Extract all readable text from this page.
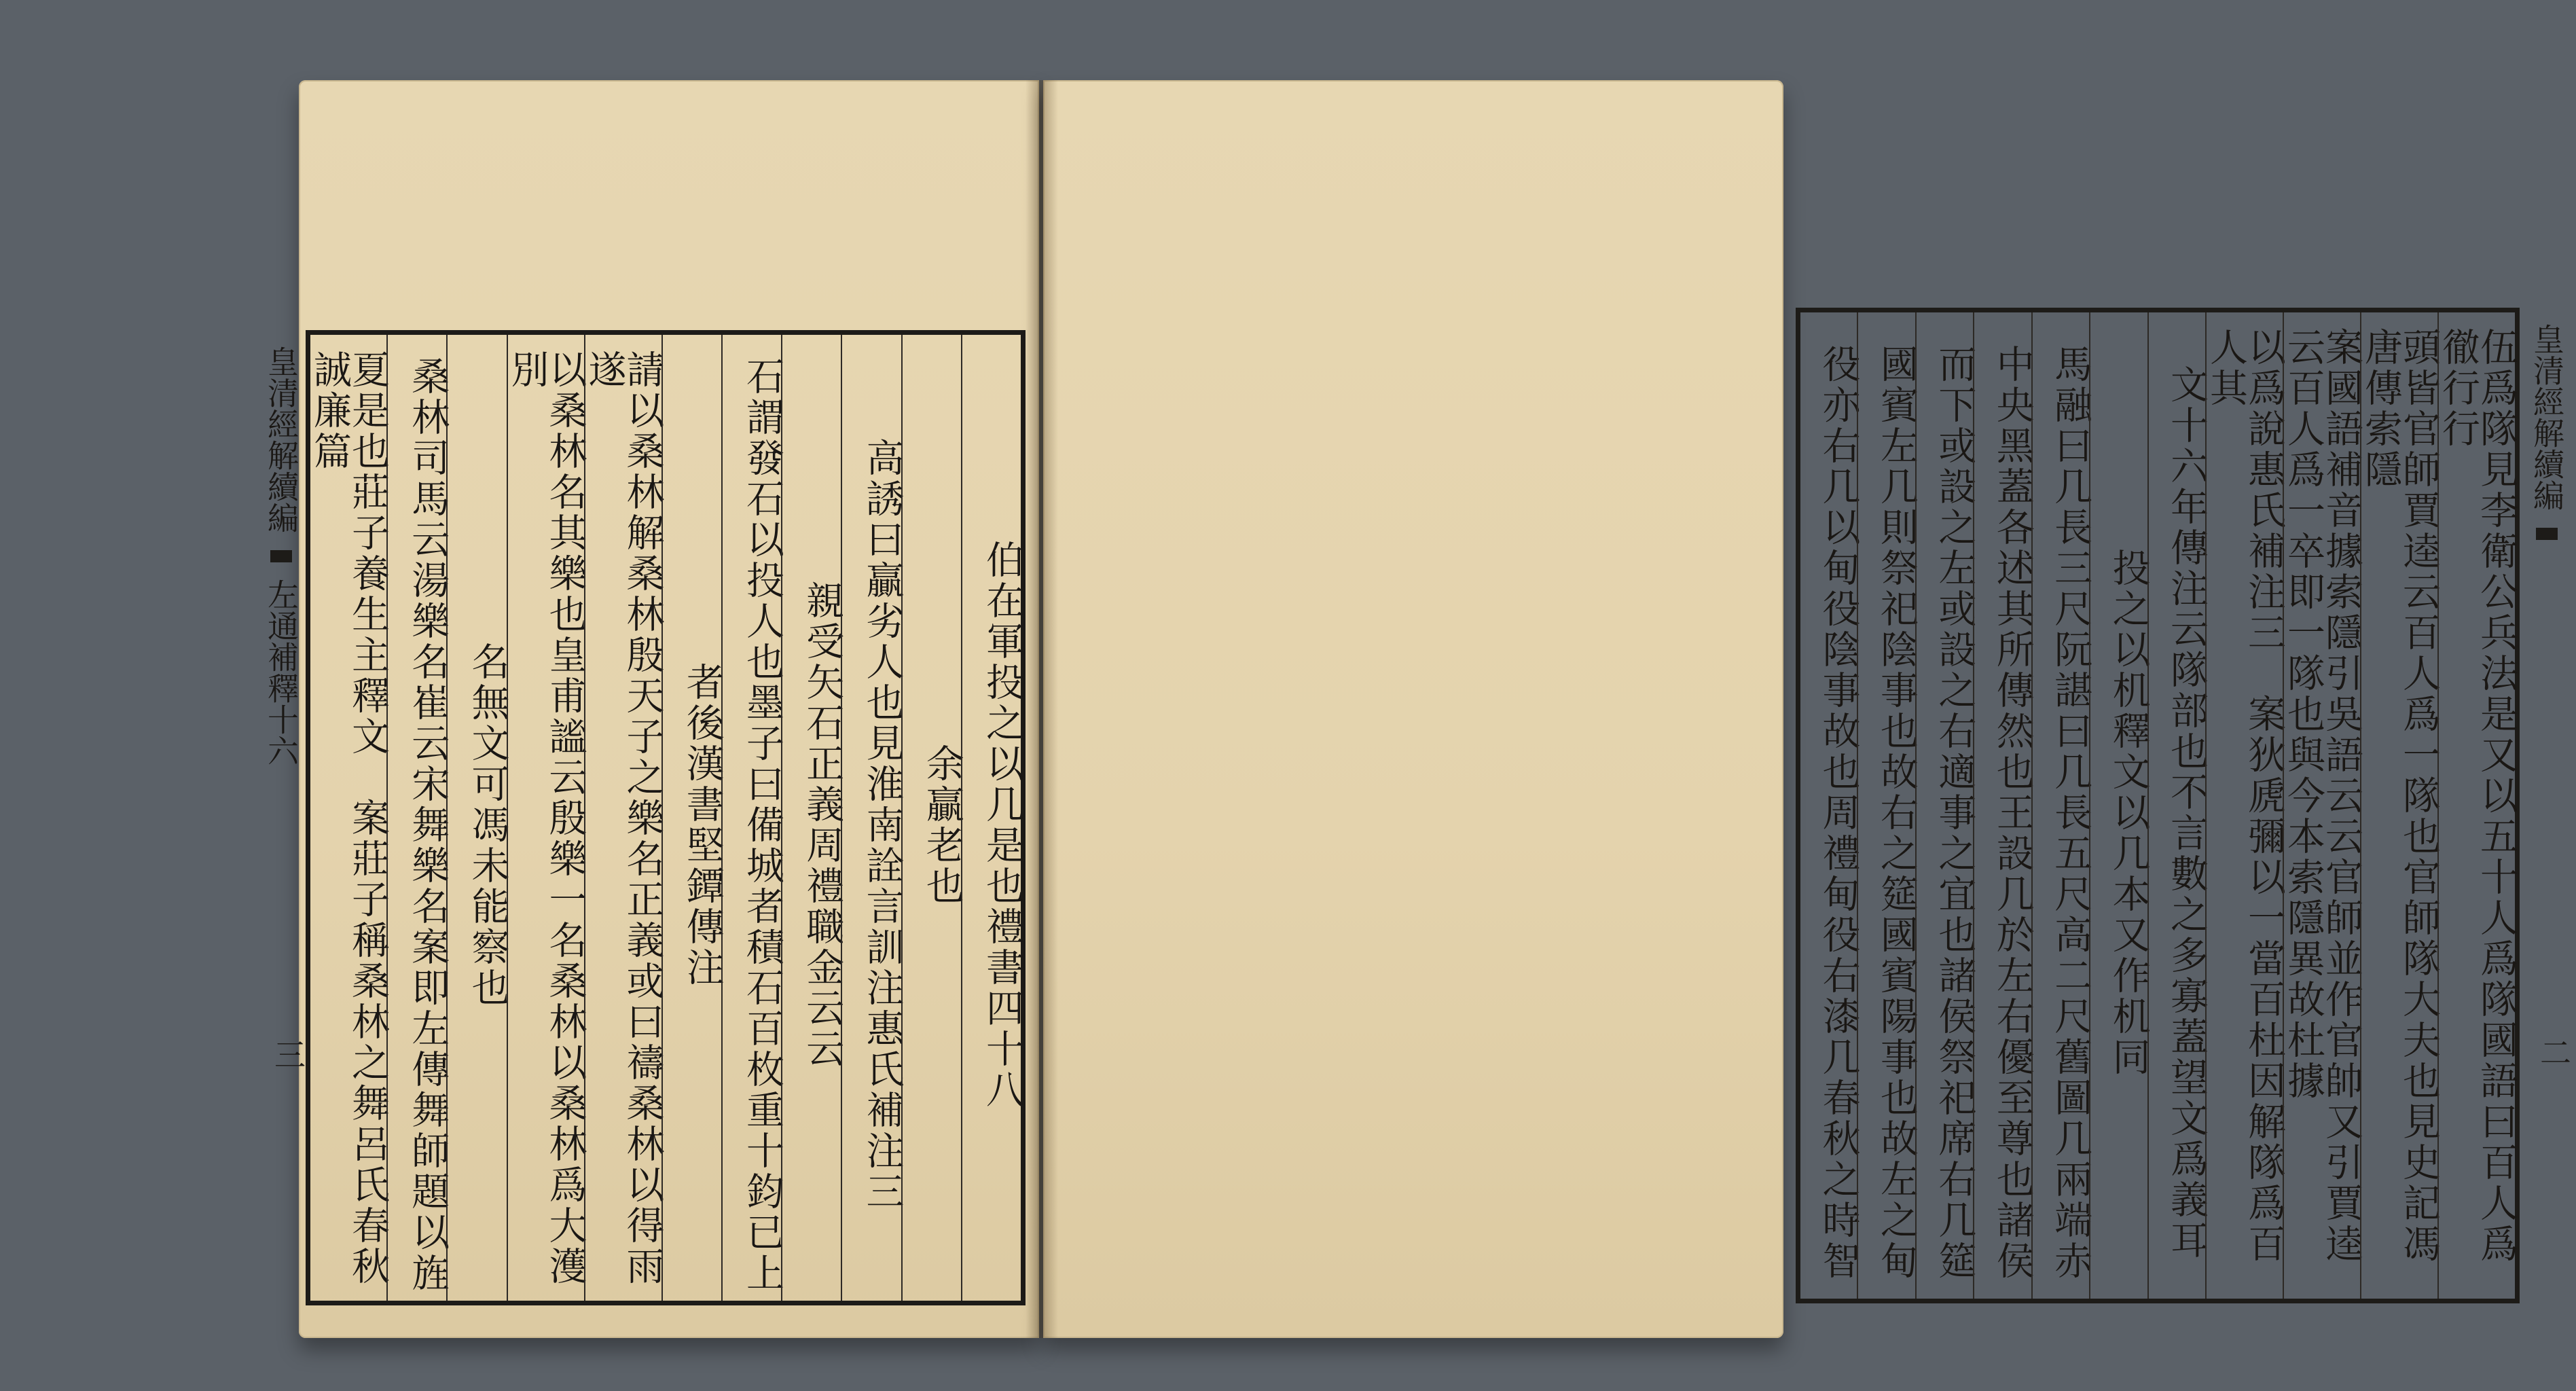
皇清經解續編  左通補釋十六
三	伯在軍投之以几是也禮書四十八
余贏老也
高誘曰贏劣人也見淮南詮言訓注惠氏補注三
親受矢石正義周禮職金云云
石謂發石以投人也墨子曰備城者積石百枚重十鈞已上
者後漢書堅鐔傳注
請以桑林解桑林殷天子之樂名正義或曰禱桑林以得雨遂
以桑林名其樂也皇甫謐云殷樂一名桑林以桑林爲大濩別
名無文可馮未能察也
桑林司馬云湯樂名崔云宋舞樂名案即左傳舞師題以旌
夏是也莊子養生主釋文　案莊子稱桑林之舞呂氏春秋誠廉篇	皇清經解續編
二
伍爲隊見李衛公兵法是又以五十人爲隊國語曰百人爲徹行行
頭皆官師賈逵云百人爲一隊也官師隊大夫也見史記馮唐傳索隱
案國語補音據索隱引吳語云云官師並作官帥又引賈逵云百人爲一卒即一隊也與今本索隱異故杜據
以爲說惠氏補注三　案狄虒彌以一當百杜因解隊爲百人其
文十六年傳注云隊部也不言數之多寡蓋望文爲義耳
投之以机釋文以几本又作机同
馬融曰几長三尺阮諶曰几長五尺高二尺舊圖几兩端赤
中央黑蓋各述其所傳然也王設几於左右優至尊也諸侯
而下或設之左或設之右適事之宜也諸侯祭祀席右几筵
國賓左几則祭祀陰事也故右之筵國賓陽事也故左之甸
役亦右几以甸役陰事故也周禮甸役右漆几春秋之時智
